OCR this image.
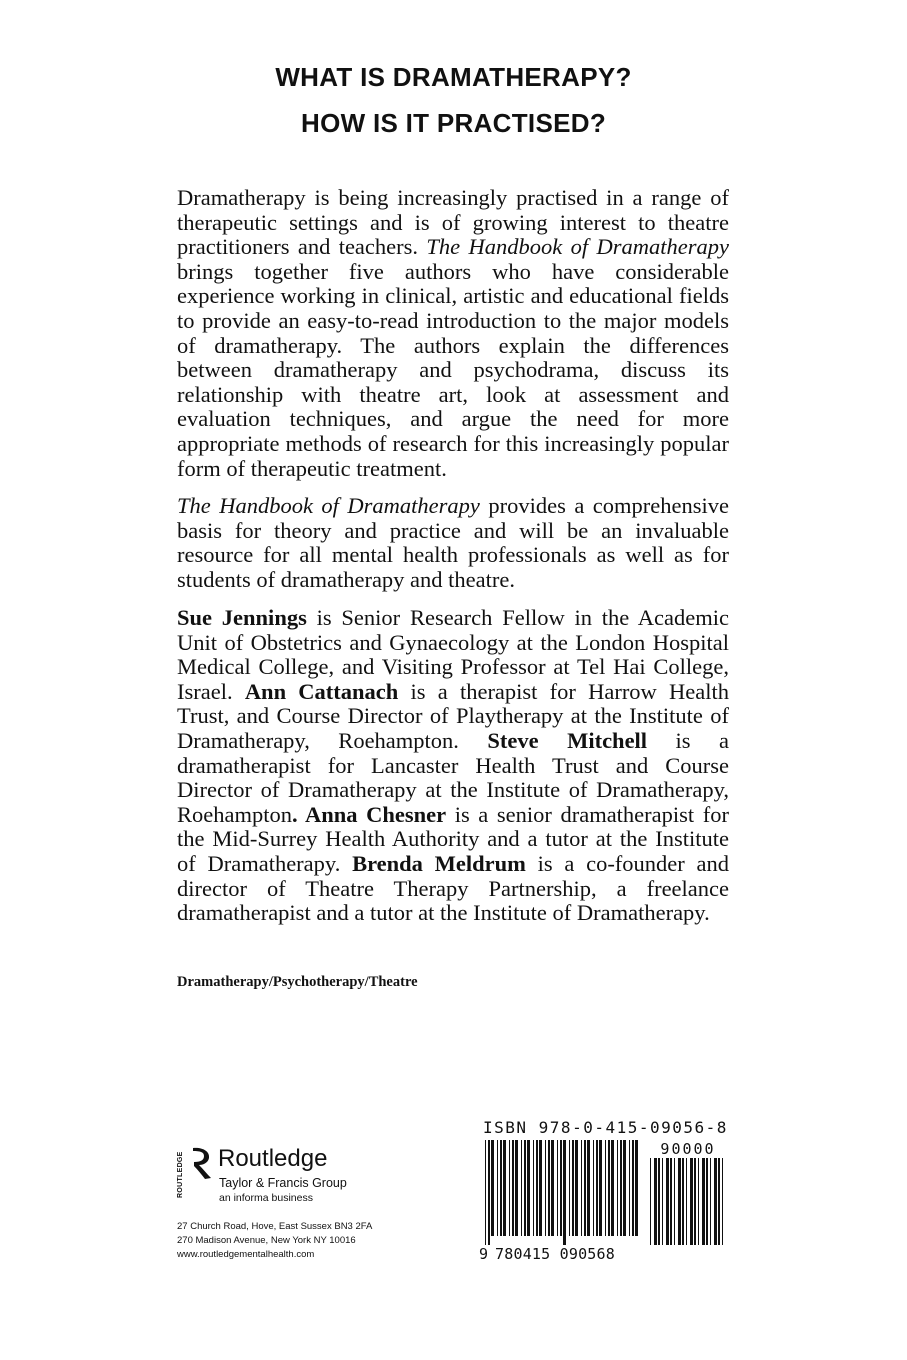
WHAT IS DRAMATHERAPY?
HOW IS IT PRACTISED?

Dramatherapy is being increasingly practised in a range of therapeutic settings and is of growing interest to theatre practitioners and teachers. The Handbook of Dramatherapy brings together five authors who have considerable experience working in clinical, artistic and educational fields to provide an easy-to-read introduction to the major models of dramatherapy. The authors explain the differences between dramatherapy and psychodrama, discuss its relationship with theatre art, look at assessment and evaluation techniques, and argue the need for more appropriate methods of research for this increasingly popular form of therapeutic treatment.

The Handbook of Dramatherapy provides a comprehensive basis for theory and practice and will be an invaluable resource for all mental health professionals as well as for students of dramatherapy and theatre.

Sue Jennings is Senior Research Fellow in the Academic Unit of Obstetrics and Gynaecology at the London Hospital Medical College, and Visiting Professor at Tel Hai College, Israel. Ann Cattanach is a therapist for Harrow Health Trust, and Course Director of Playtherapy at the Institute of Dramatherapy, Roehampton. Steve Mitchell is a dramatherapist for Lancaster Health Trust and Course Director of Dramatherapy at the Institute of Dramatherapy, Roehampton. Anna Chesner is a senior dramatherapist for the Mid-Surrey Health Authority and a tutor at the Institute of Dramatherapy. Brenda Meldrum is a co-founder and director of Theatre Therapy Partnership, a freelance dramatherapist and a tutor at the Institute of Dramatherapy.

Dramatherapy/Psychotherapy/Theatre
ROUTLEDGE Routledge
Taylor & Francis Group
an informa business
27 Church Road, Hove, East Sussex BN3 2FA
270 Madison Avenue, New York NY 10016
www.routledgementalhealth.com
ISBN 978-0-415-09056-8
90000
9 780415 090568
